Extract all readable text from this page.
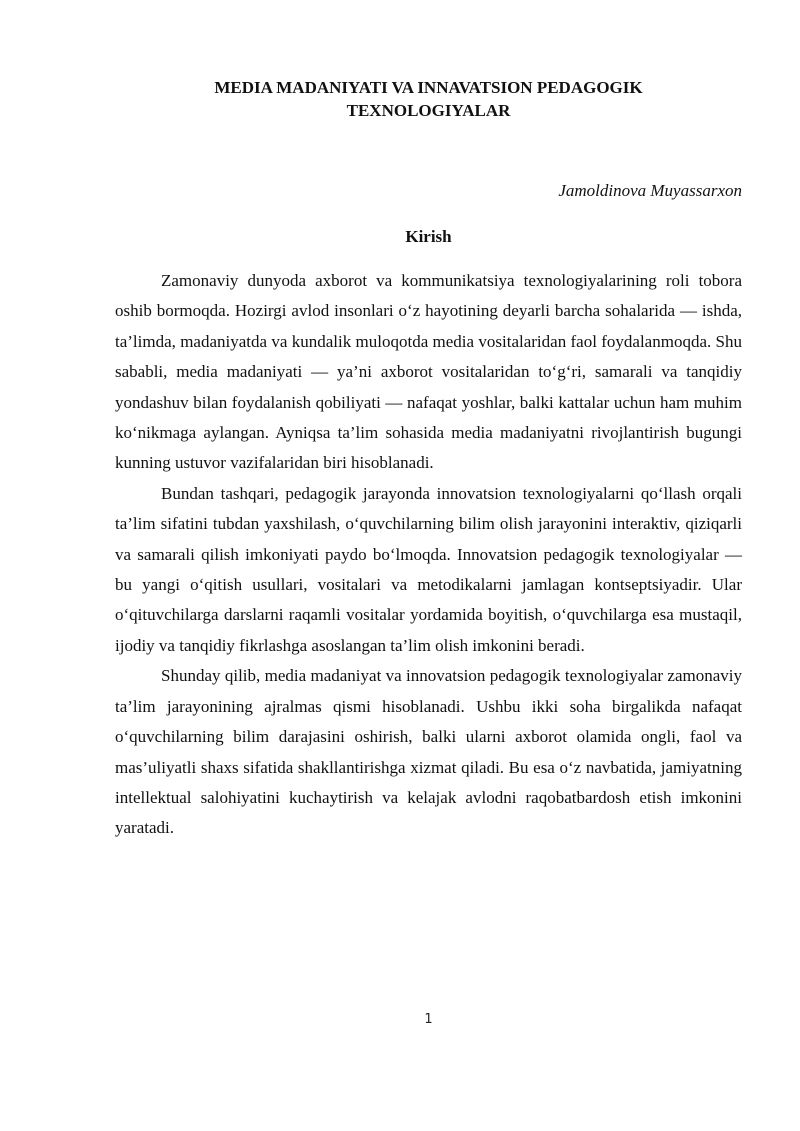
MEDIA MADANIYATI VA INNAVATSION PEDAGOGIK
TEXNOLOGIYALAR
Jamoldinova Muyassarxon
Kirish

Zamonaviy dunyoda axborot va kommunikatsiya texnologiyalarining roli tobora oshib bormoqda. Hozirgi avlod insonlari o‘z hayotining deyarli barcha sohalarida — ishda, ta’limda, madaniyatda va kundalik muloqotda media vositalaridan faol foydalanmoqda. Shu sababli, media madaniyati — ya’ni axborot vositalaridan to‘g‘ri, samarali va tanqidiy yondashuv bilan foydalanish qobiliyati — nafaqat yoshlar, balki kattalar uchun ham muhim ko‘nikmaga aylangan. Ayniqsa ta’lim sohasida media madaniyatni rivojlantirish bugungi kunning ustuvor vazifalaridan biri hisoblanadi.

Bundan tashqari, pedagogik jarayonda innovatsion texnologiyalarni qo‘llash orqali ta’lim sifatini tubdan yaxshilash, o‘quvchilarning bilim olish jarayonini interaktiv, qiziqarli va samarali qilish imkoniyati paydo bo‘lmoqda. Innovatsion pedagogik texnologiyalar — bu yangi o‘qitish usullari, vositalari va metodikalarni jamlagan kontseptsiyadir. Ular o‘qituvchilarga darslarni raqamli vositalar yordamida boyitish, o‘quvchilarga esa mustaqil, ijodiy va tanqidiy fikrlashga asoslangan ta’lim olish imkonini beradi.

Shunday qilib, media madaniyat va innovatsion pedagogik texnologiyalar zamonaviy ta’lim jarayonining ajralmas qismi hisoblanadi. Ushbu ikki soha birgalikda nafaqat o‘quvchilarning bilim darajasini oshirish, balki ularni axborot olamida ongli, faol va mas’uliyatli shaxs sifatida shakllantirishga xizmat qiladi. Bu esa o‘z navbatida, jamiyatning intellektual salohiyatini kuchaytirish va kelajak avlodni raqobatbardosh etish imkonini yaratadi.

1
